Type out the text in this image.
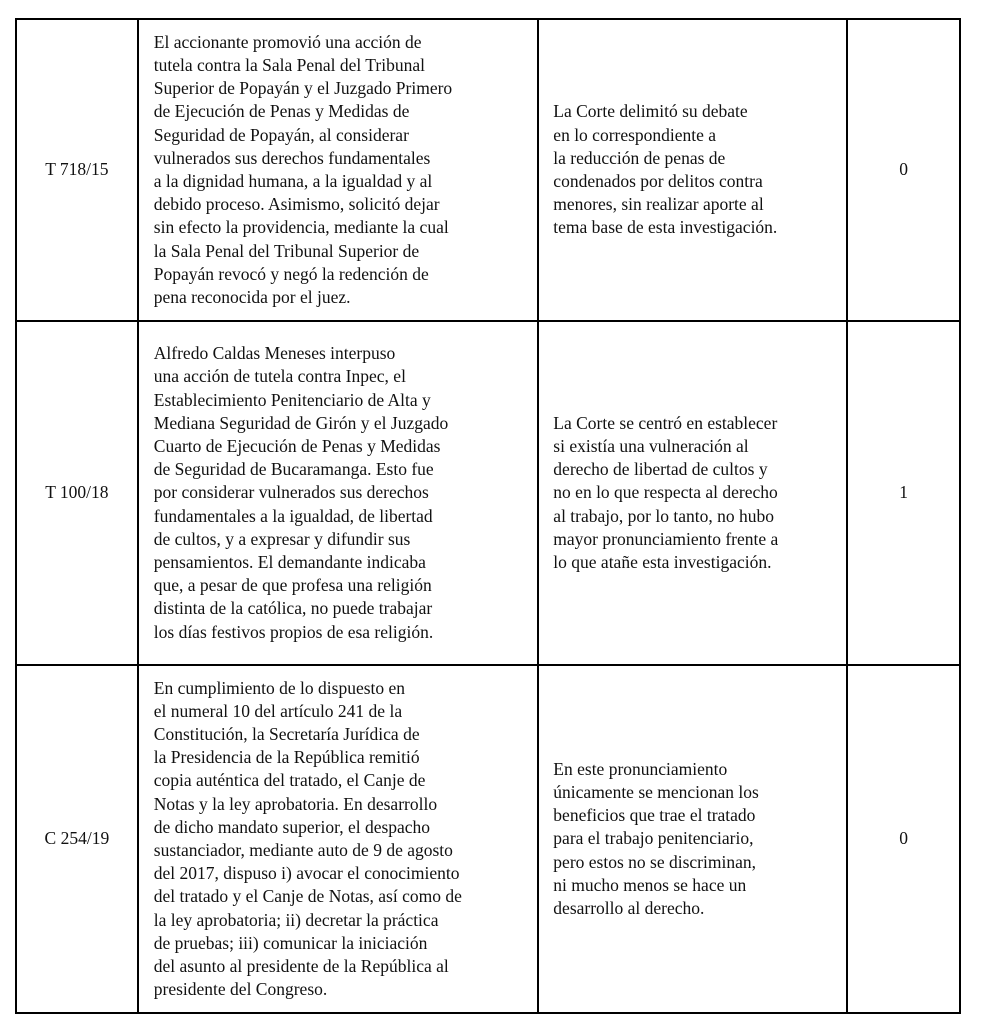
T 718/15	
El accionante promovió una acción de
tutela contra la Sala Penal del Tribunal
Superior de Popayán y el Juzgado Primero
de Ejecución de Penas y Medidas de
Seguridad de Popayán, al considerar
vulnerados sus derechos fundamentales
a la dignidad humana, a la igualdad y al
debido proceso. Asimismo, solicitó dejar
sin efecto la providencia, mediante la cual
la Sala Penal del Tribunal Superior de
Popayán revocó y negó la redención de
pena reconocida por el juez.

La Corte delimitó su debate
en lo correspondiente a
la reducción de penas de
condenados por delitos contra
menores, sin realizar aporte al
tema base de esta investigación.
	0
T 100/18	
Alfredo Caldas Meneses interpuso
una acción de tutela contra Inpec, el
Establecimiento Penitenciario de Alta y
Mediana Seguridad de Girón y el Juzgado
Cuarto de Ejecución de Penas y Medidas
de Seguridad de Bucaramanga. Esto fue
por considerar vulnerados sus derechos
fundamentales a la igualdad, de libertad
de cultos, y a expresar y difundir sus
pensamientos. El demandante indicaba
que, a pesar de que profesa una religión
distinta de la católica, no puede trabajar
los días festivos propios de esa religión.

La Corte se centró en establecer
si existía una vulneración al
derecho de libertad de cultos y
no en lo que respecta al derecho
al trabajo, por lo tanto, no hubo
mayor pronunciamiento frente a
lo que atañe esta investigación.
	1
C 254/19	
En cumplimiento de lo dispuesto en
el numeral 10 del artículo 241 de la
Constitución, la Secretaría Jurídica de
la Presidencia de la República remitió
copia auténtica del tratado, el Canje de
Notas y la ley aprobatoria. En desarrollo
de dicho mandato superior, el despacho
sustanciador, mediante auto de 9 de agosto
del 2017, dispuso i) avocar el conocimiento
del tratado y el Canje de Notas, así como de
la ley aprobatoria; ii) decretar la práctica
de pruebas; iii) comunicar la iniciación
del asunto al presidente de la República al
presidente del Congreso.

En este pronunciamiento
únicamente se mencionan los
beneficios que trae el tratado
para el trabajo penitenciario,
pero estos no se discriminan,
ni mucho menos se hace un
desarrollo al derecho.
	0
